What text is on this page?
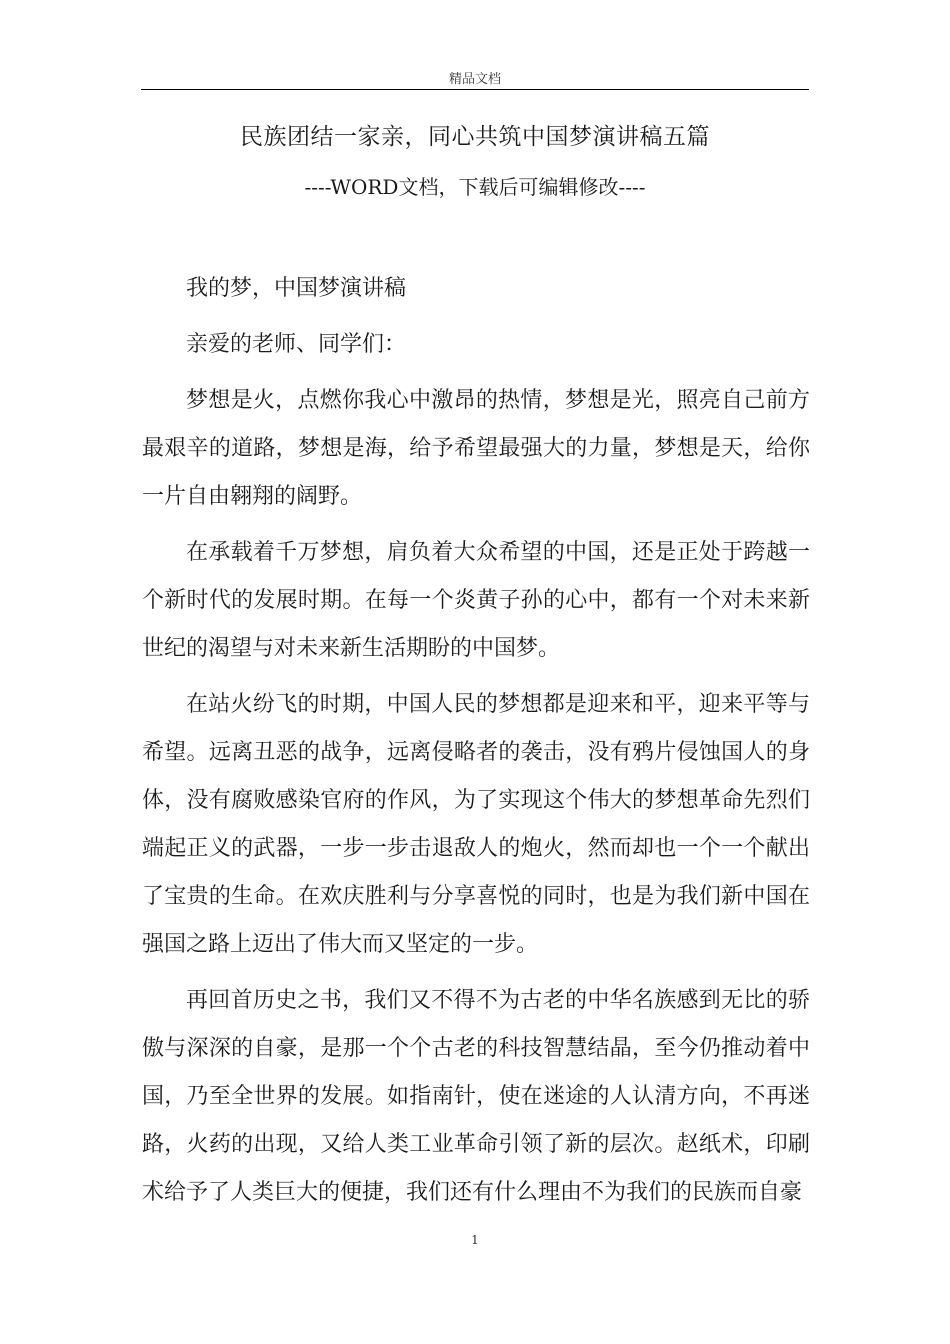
精品文档
民族团结一家亲，同心共筑中国梦演讲稿五篇
----WORD文档，下载后可编辑修改----

我的梦，中国梦演讲稿

亲爱的老师、同学们：

梦想是火，点燃你我心中激昂的热情，梦想是光，照亮自己前方最艰辛的道路，梦想是海，给予希望最强大的力量，梦想是天，给你一片自由翱翔的阔野。

在承载着千万梦想，肩负着大众希望的中国，还是正处于跨越一个新时代的发展时期。在每一个炎黄子孙的心中，都有一个对未来新世纪的渴望与对未来新生活期盼的中国梦。

在站火纷飞的时期，中国人民的梦想都是迎来和平，迎来平等与希望。远离丑恶的战争，远离侵略者的袭击，没有鸦片侵蚀国人的身体，没有腐败感染官府的作风，为了实现这个伟大的梦想革命先烈们端起正义的武器，一步一步击退敌人的炮火，然而却也一个一个献出了宝贵的生命。在欢庆胜利与分享喜悦的同时，也是为我们新中国在强国之路上迈出了伟大而又坚定的一步。

再回首历史之书，我们又不得不为古老的中华名族感到无比的骄傲与深深的自豪，是那一个个古老的科技智慧结晶，至今仍推动着中国，乃至全世界的发展。如指南针，使在迷途的人认清方向，不再迷路，火药的出现，又给人类工业革命引领了新的层次。赵纸术，印刷术给予了人类巨大的便捷，我们还有什么理由不为我们的民族而自豪

1
